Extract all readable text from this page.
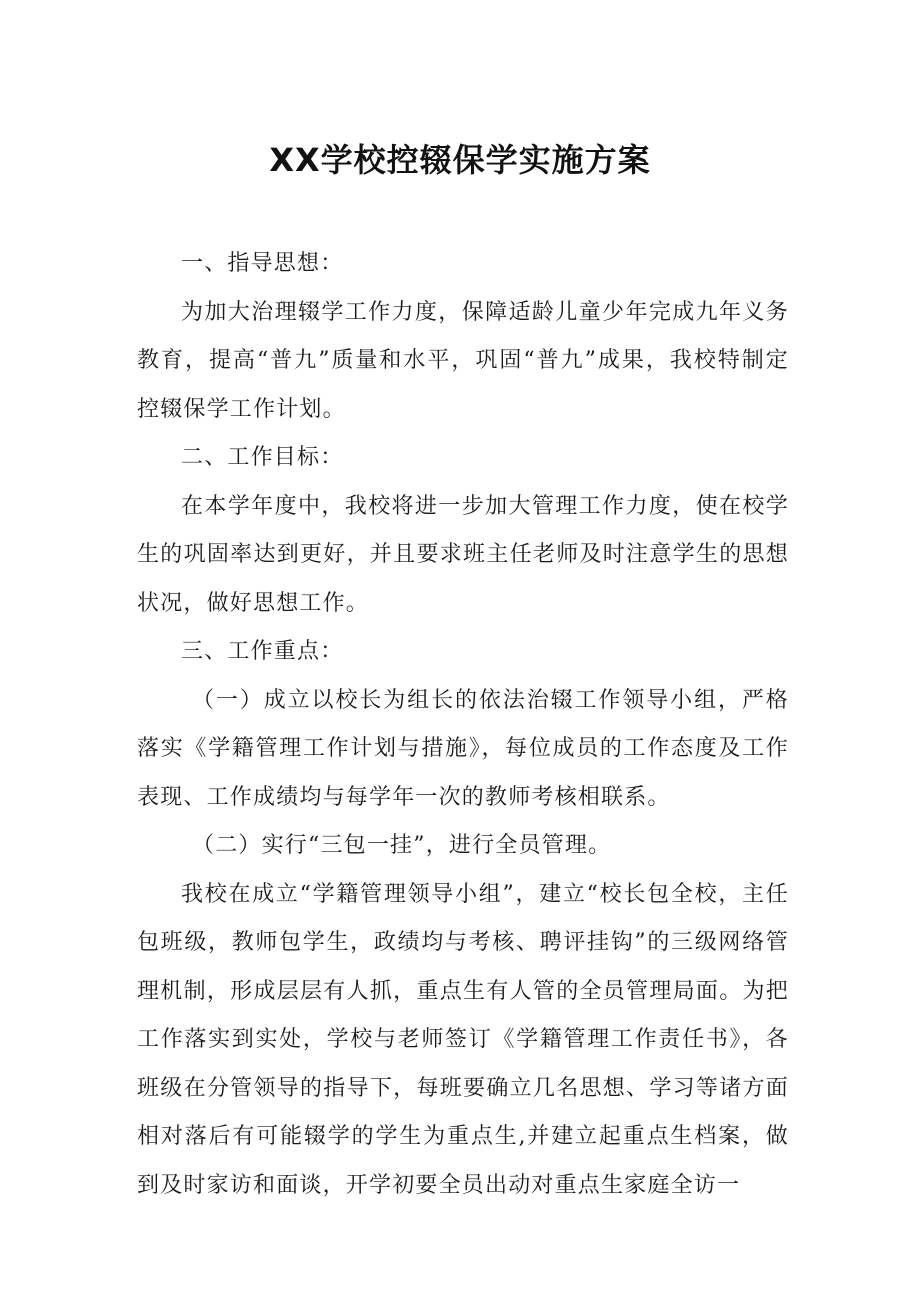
XX学校控辍保学实施方案

一、指导思想：

为加大治理辍学工作力度，保障适龄儿童少年完成九年义务教育，提高“普九”质量和水平，巩固“普九”成果，我校特制定控辍保学工作计划。

二、工作目标：

在本学年度中，我校将进一步加大管理工作力度，使在校学生的巩固率达到更好，并且要求班主任老师及时注意学生的思想状况，做好思想工作。

三、工作重点：

（一）成立以校长为组长的依法治辍工作领导小组，严格落实《学籍管理工作计划与措施》，每位成员的工作态度及工作表现、工作成绩均与每学年一次的教师考核相联系。

（二）实行“三包一挂”，进行全员管理。

我校在成立“学籍管理领导小组”，建立“校长包全校，主任包班级，教师包学生，政绩均与考核、聘评挂钩”的三级网络管理机制，形成层层有人抓，重点生有人管的全员管理局面。为把工作落实到实处，学校与老师签订《学籍管理工作责任书》，各班级在分管领导的指导下，每班要确立几名思想、学习等诸方面相对落后有可能辍学的学生为重点生,并建立起重点生档案，做到及时家访和面谈，开学初要全员出动对重点生家庭全访一
